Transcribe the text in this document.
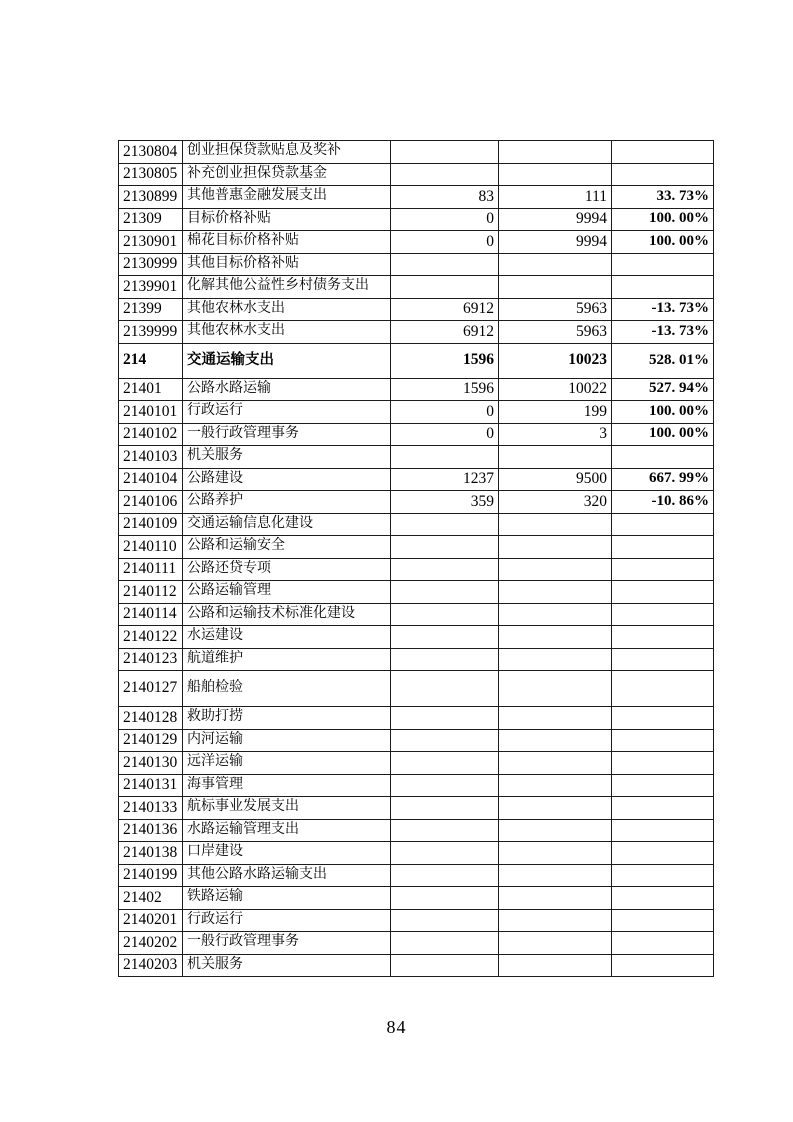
2130804	创业担保贷款贴息及奖补			
2130805	补充创业担保贷款基金			
2130899	其他普惠金融发展支出	83	111	33. 73%
21309	目标价格补贴	0	9994	100. 00%
2130901	棉花目标价格补贴	0	9994	100. 00%
2130999	其他目标价格补贴			
2139901	化解其他公益性乡村债务支出			
21399	其他农林水支出	6912	5963	-13. 73%
2139999	其他农林水支出	6912	5963	-13. 73%
214	交通运输支出	1596	10023	528. 01%
21401	公路水路运输	1596	10022	527. 94%
2140101	行政运行	0	199	100. 00%
2140102	一般行政管理事务	0	3	100. 00%
2140103	机关服务			
2140104	公路建设	1237	9500	667. 99%
2140106	公路养护	359	320	-10. 86%
2140109	交通运输信息化建设			
2140110	公路和运输安全			
2140111	公路还贷专项			
2140112	公路运输管理			
2140114	公路和运输技术标准化建设			
2140122	水运建设			
2140123	航道维护			
2140127	船舶检验			
2140128	救助打捞			
2140129	内河运输			
2140130	远洋运输			
2140131	海事管理			
2140133	航标事业发展支出			
2140136	水路运输管理支出			
2140138	口岸建设			
2140199	其他公路水路运输支出			
21402	铁路运输			
2140201	行政运行			
2140202	一般行政管理事务			
2140203	机关服务			
84
